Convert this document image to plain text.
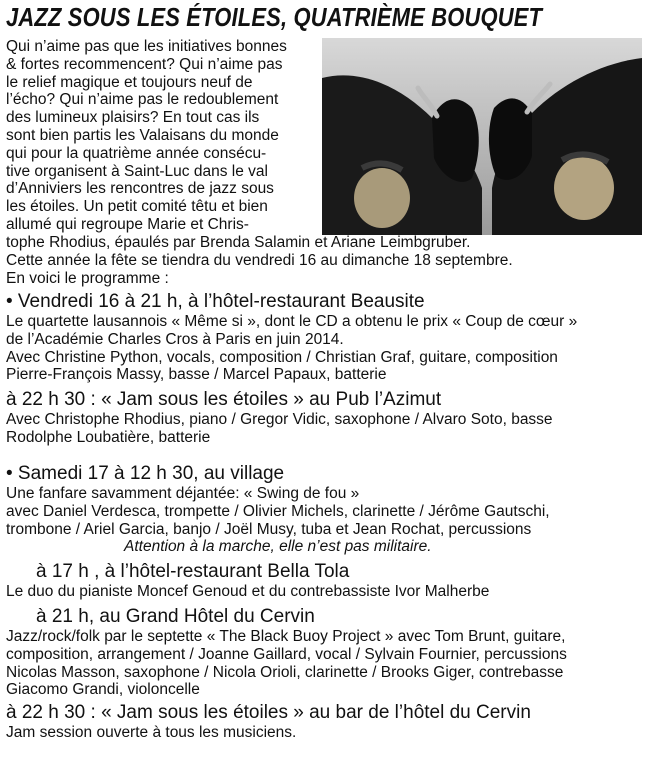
JAZZ SOUS LES ÉTOILES, QUATRIÈME BOUQUET
Qui n’aime pas que les initiatives bonnes
& fortes recommencent? Qui n’aime pas
le relief magique et toujours neuf de
l’écho? Qui n’aime pas le redoublement
des lumineux plaisirs? En tout cas ils
sont bien partis les Valaisans du monde
qui pour la quatrième année consécu-
tive organisent à Saint-Luc dans le val
d’Anniviers les rencontres de jazz sous
les étoiles. Un petit comité têtu et bien
allumé qui regroupe Marie et Chris-
tophe Rhodius, épaulés par Brenda Salamin et Ariane Leimbgruber.
Cette année la fête se tiendra du vendredi 16 au dimanche 18 septembre.
En voici le programme :
• Vendredi 16 à 21 h, à l’hôtel-restaurant Beausite
Le quartette lausannois « Même si », dont le CD a obtenu le prix « Coup de cœur »
de l’Académie Charles Cros à Paris en juin 2014.
Avec Christine Python, vocals, composition / Christian Graf, guitare, composition
Pierre-François Massy, basse / Marcel Papaux, batterie
à 22 h 30 : « Jam sous les étoiles » au Pub l’Azimut
Avec Christophe Rhodius, piano / Gregor Vidic, saxophone / Alvaro Soto, basse
Rodolphe Loubatière, batterie
• Samedi 17 à 12 h 30, au village
Une fanfare savamment déjantée: « Swing de fou »
avec Daniel Verdesca, trompette / Olivier Michels, clarinette / Jérôme Gautschi,
trombone / Ariel Garcia, banjo / Joël Musy, tuba et Jean Rochat, percussions
Attention à la marche, elle n’est pas militaire.
à 17 h , à l’hôtel-restaurant Bella Tola
Le duo du pianiste Moncef Genoud et du contrebassiste Ivor Malherbe
à 21 h, au Grand Hôtel du Cervin
Jazz/rock/folk par le septette « The Black Buoy Project » avec Tom Brunt, guitare,
composition, arrangement / Joanne Gaillard, vocal / Sylvain Fournier, percussions
Nicolas Masson, saxophone / Nicola Orioli, clarinette / Brooks Giger, contrebasse
Giacomo Grandi, violoncelle
à 22 h 30 : « Jam sous les étoiles » au bar de l’hôtel du Cervin
Jam session ouverte à tous les musiciens.
